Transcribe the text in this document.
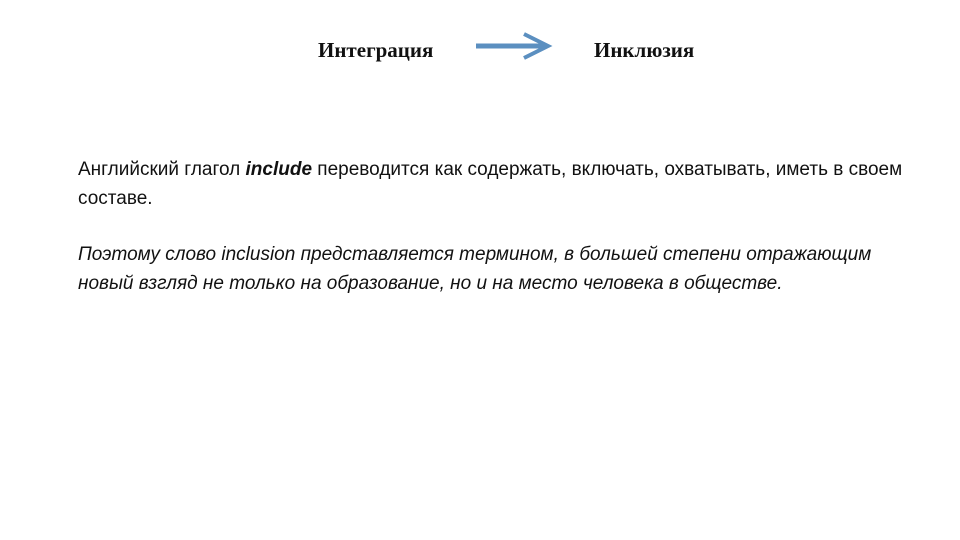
Интеграция	Инклюзия
Английский глагол include переводится как содержать, включать, охватывать, иметь в своем составе.
Поэтому слово inclusion представляется термином, в большей степени отражающим новый взгляд не только на образование, но и на место человека в обществе.
